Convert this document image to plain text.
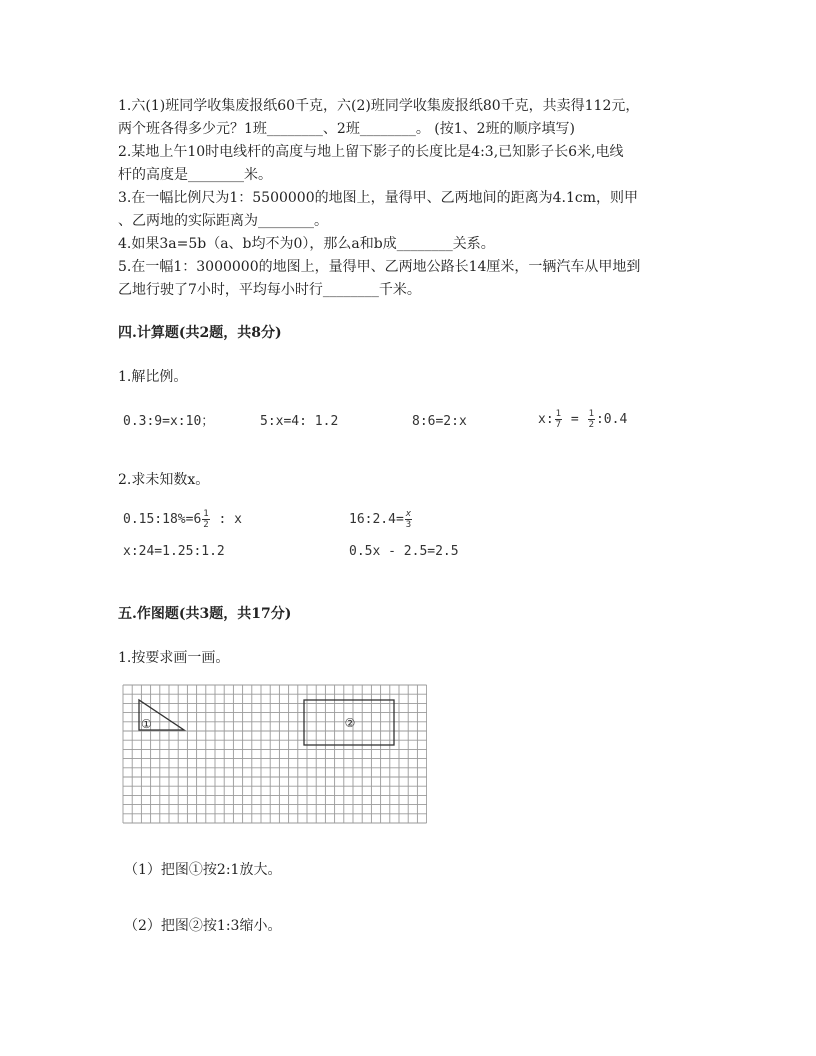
1.六(1)班同学收集废报纸60千克，六(2)班同学收集废报纸80千克，共卖得112元，
两个班各得多少元？1班________、2班________。 (按1、2班的顺序填写)
2.某地上午10时电线杆的高度与地上留下影子的长度比是4:3,已知影子长6米,电线
杆的高度是________米。
3.在一幅比例尺为1：5500000的地图上，量得甲、乙两地间的距离为4.1cm，则甲
、乙两地的实际距离为________。
4.如果3a=5b（a、b均不为0），那么a和b成________关系。
5.在一幅1：3000000的地图上，量得甲、乙两地公路长14厘米，一辆汽车从甲地到
乙地行驶了7小时，平均每小时行________千米。
四.计算题(共2题，共8分)
1.解比例。
0.3:9=x:10；	5:x=4: 1.2	8:6=2:x	x: $\frac{1}{7} = \frac{1}{2}$ :0.4
2.求未知数x。
0.15:18%=6 $\frac{1}{2}$ : x	16:2.4= $\frac{x}{3}$
x:24=1.25:1.2	0.5x - 2.5=2.5
五.作图题(共3题，共17分)
1.按要求画一画。
①	②
（1）把图①按2:1放大。
（2）把图②按1:3缩小。
